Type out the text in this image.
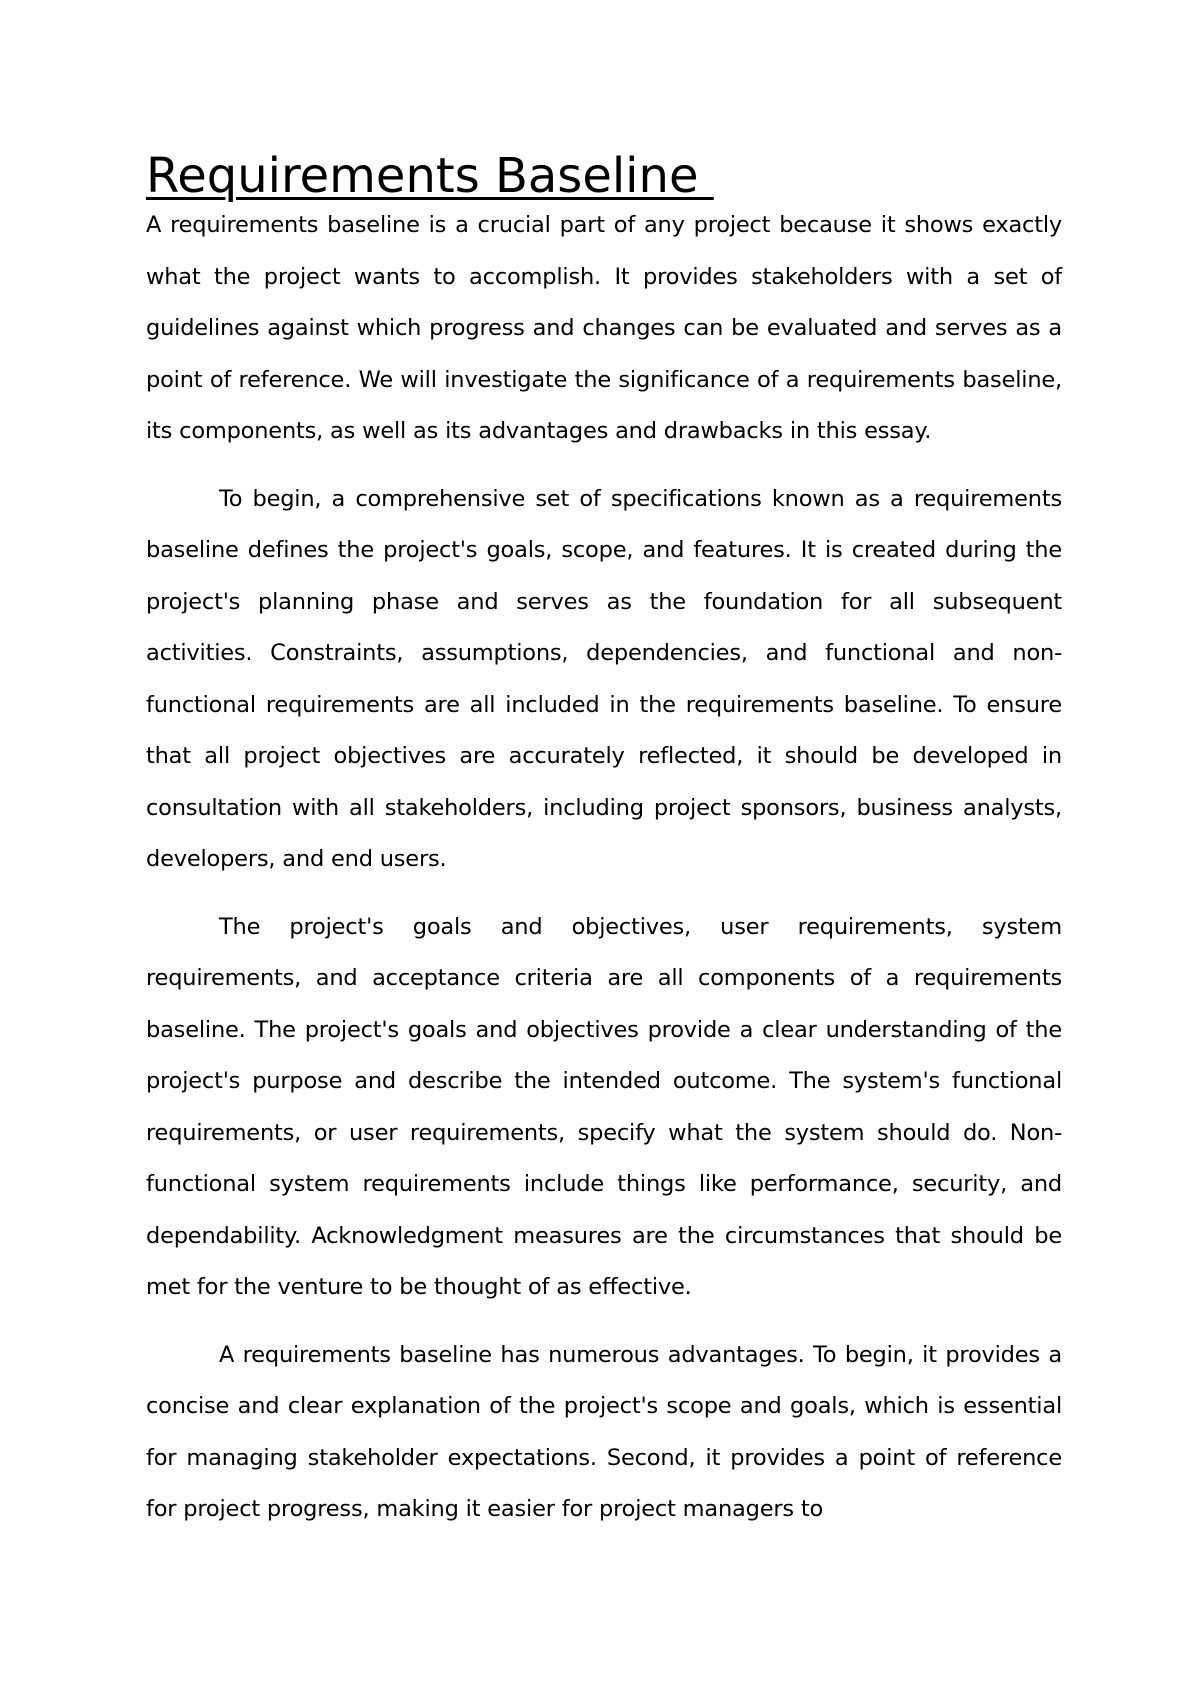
Requirements Baseline

A requirements baseline is a crucial part of any project because it shows exactly what the project wants to accomplish. It provides stakeholders with a set of guidelines against which progress and changes can be evaluated and serves as a point of reference. We will investigate the significance of a requirements baseline, its components, as well as its advantages and drawbacks in this essay.

To begin, a comprehensive set of specifications known as a requirements baseline defines the project's goals, scope, and features. It is created during the project's planning phase and serves as the foundation for all subsequent activities. Constraints, assumptions, dependencies, and functional and non-functional requirements are all included in the requirements baseline. To ensure that all project objectives are accurately reflected, it should be developed in consultation with all stakeholders, including project sponsors, business analysts, developers, and end users.

The project's goals and objectives, user requirements, system requirements, and acceptance criteria are all components of a requirements baseline. The project's goals and objectives provide a clear understanding of the project's purpose and describe the intended outcome. The system's functional requirements, or user requirements, specify what the system should do. Non-functional system requirements include things like performance, security, and dependability. Acknowledgment measures are the circumstances that should be met for the venture to be thought of as effective.

A requirements baseline has numerous advantages. To begin, it provides a concise and clear explanation of the project's scope and goals, which is essential for managing stakeholder expectations. Second, it provides a point of reference for project progress, making it easier for project managers to
